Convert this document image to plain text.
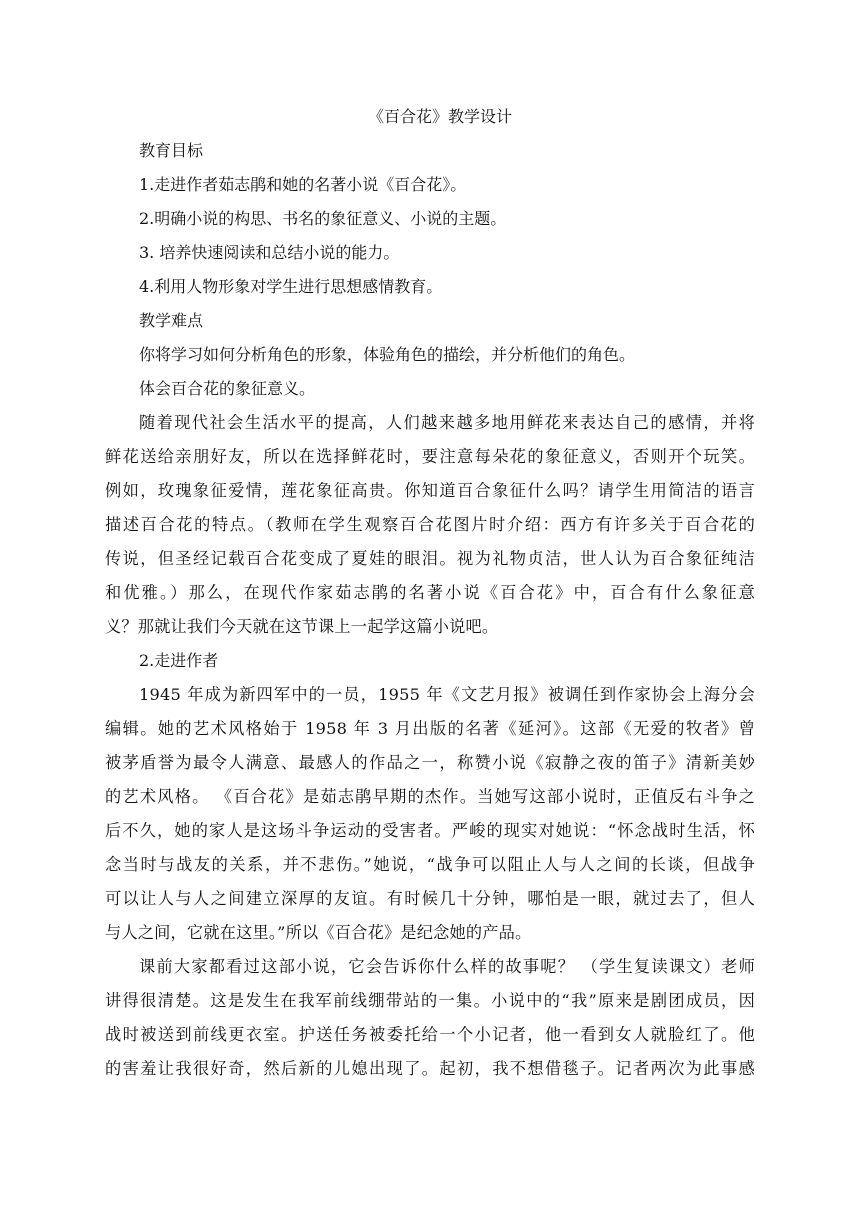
《百合花》教学设计

教育目标

1.走进作者茹志鹃和她的名著小说《百合花》。

2.明确小说的构思、书名的象征意义、小说的主题。

3. 培养快速阅读和总结小说的能力。

4.利用人物形象对学生进行思想感情教育。

教学难点

你将学习如何分析角色的形象，体验角色的描绘，并分析他们的角色。

体会百合花的象征意义。

随着现代社会生活水平的提高，人们越来越多地用鲜花来表达自己的感情，并将

鲜花送给亲朋好友，所以在选择鲜花时，要注意每朵花的象征意义，否则开个玩笑。

例如，玫瑰象征爱情，莲花象征高贵。你知道百合象征什么吗？请学生用简洁的语言

描述百合花的特点。（教师在学生观察百合花图片时介绍：西方有许多关于百合花的

传说，但圣经记载百合花变成了夏娃的眼泪。视为礼物贞洁，世人认为百合象征纯洁

和优雅。）那么，在现代作家茹志鹃的名著小说《百合花》中，百合有什么象征意

义？那就让我们今天就在这节课上一起学这篇小说吧。

2.走进作者

1945 年成为新四军中的一员，1955 年《文艺月报》被调任到作家协会上海分会

编辑。她的艺术风格始于 1958 年 3 月出版的名著《延河》。这部《无爱的牧者》曾

被茅盾誉为最令人满意、最感人的作品之一，称赞小说《寂静之夜的笛子》清新美妙

的艺术风格。 《百合花》是茹志鹃早期的杰作。当她写这部小说时，正值反右斗争之

后不久，她的家人是这场斗争运动的受害者。严峻的现实对她说：“怀念战时生活，怀

念当时与战友的关系，并不悲伤。”她说，“战争可以阻止人与人之间的长谈，但战争

可以让人与人之间建立深厚的友谊。有时候几十分钟，哪怕是一眼，就过去了，但人

与人之间，它就在这里。”所以《百合花》是纪念她的产品。

课前大家都看过这部小说，它会告诉你什么样的故事呢？ （学生复读课文）老师

讲得很清楚。这是发生在我军前线绷带站的一集。小说中的“我”原来是剧团成员，因

战时被送到前线更衣室。护送任务被委托给一个小记者，他一看到女人就脸红了。他

的害羞让我很好奇，然后新的儿媳出现了。起初，我不想借毯子。记者两次为此事感
